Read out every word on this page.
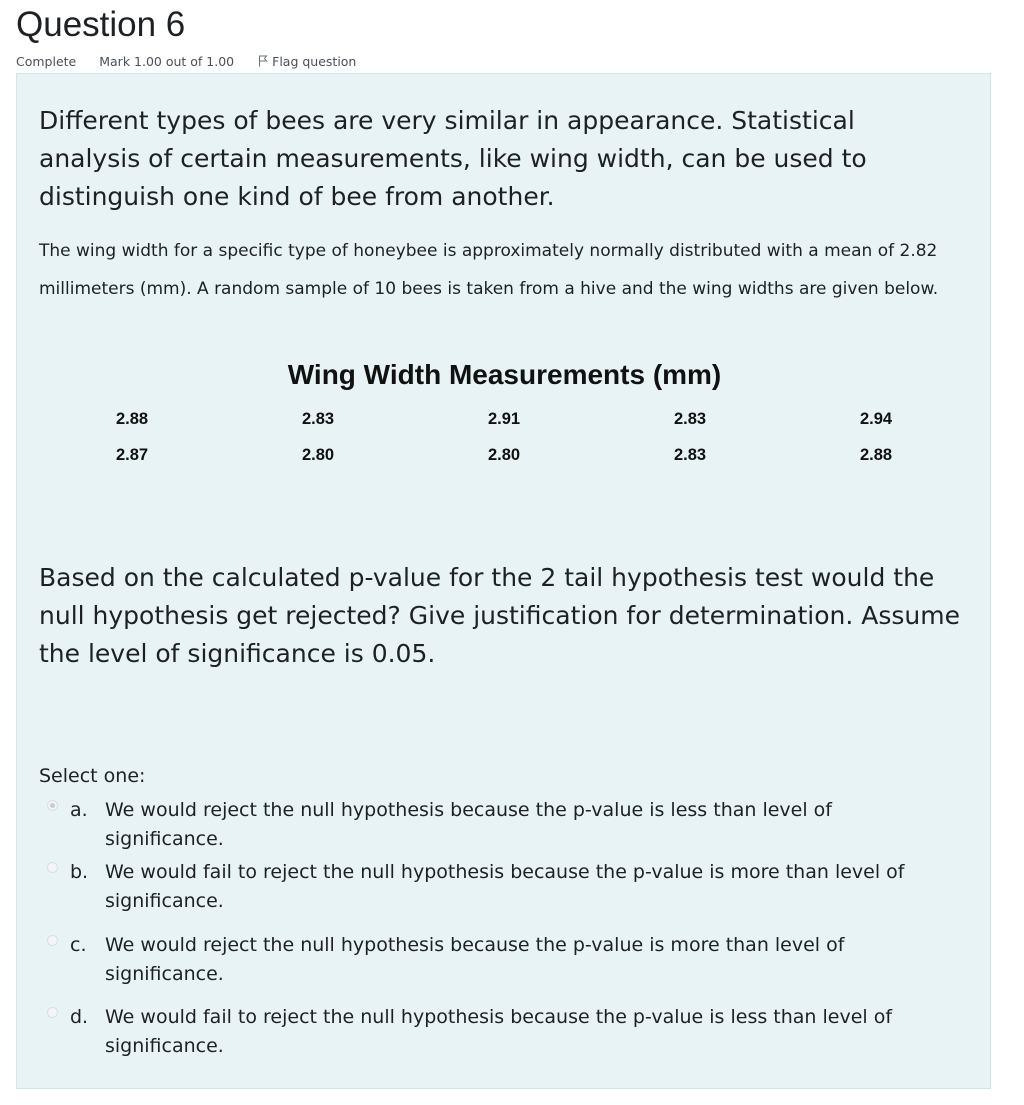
Question 6
Complete Mark 1.00 out of 1.00	Flag question

Different types of bees are very similar in appearance. Statistical analysis of certain measurements, like wing width, can be used to distinguish one kind of bee from another.

The wing width for a specific type of honeybee is approximately normally distributed with a mean of 2.82 millimeters (mm). A random sample of 10 bees is taken from a hive and the wing widths are given below.

Wing Width Measurements (mm)
2.88	2.83	2.91	2.83	2.94
2.87	2.80	2.80	2.83	2.88

Based on the calculated p-value for the 2 tail hypothesis test would the null hypothesis get rejected? Give justification for determination. Assume the level of significance is 0.05.

Select one:

a. We would reject the null hypothesis because the p-value is less than level of significance.
b. We would fail to reject the null hypothesis because the p-value is more than level of significance.
c. We would reject the null hypothesis because the p-value is more than level of significance.
d. We would fail to reject the null hypothesis because the p-value is less than level of significance.
